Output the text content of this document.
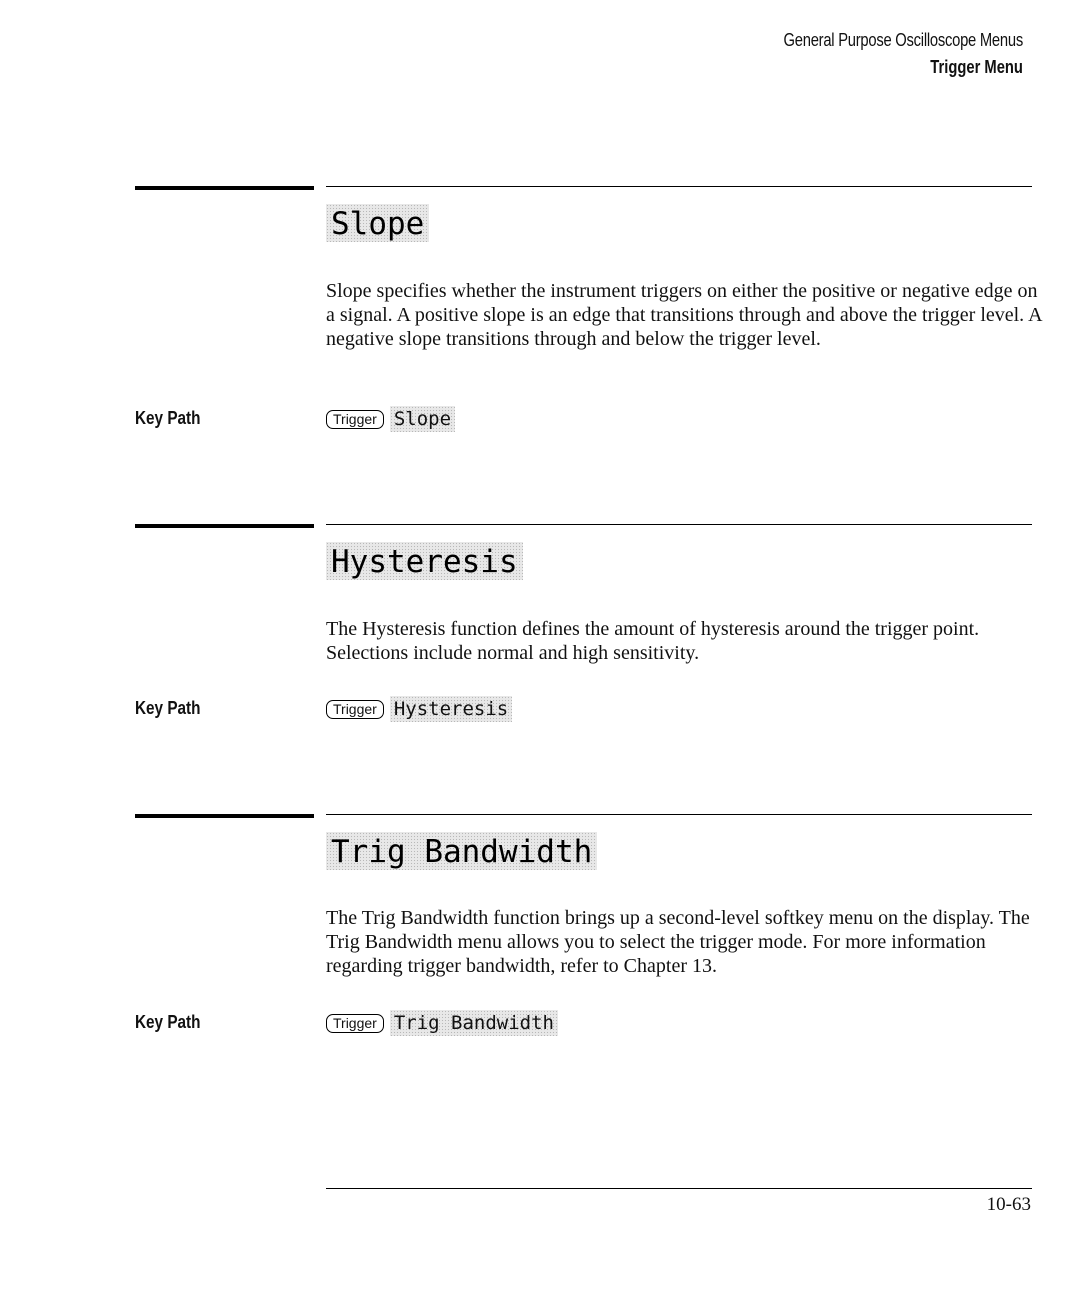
General Purpose Oscilloscope Menus
Trigger Menu
Slope
Slope specifies whether the instrument triggers on either the positive or negative edge on a signal. A positive slope is an edge that transitions through and above the trigger level. A negative slope transitions through and below the trigger level.
Key Path	Trigger Slope
Hysteresis
The Hysteresis function defines the amount of hysteresis around the trigger point. Selections include normal and high sensitivity.
Key Path	Trigger Hysteresis
Trig Bandwidth
The Trig Bandwidth function brings up a second-level softkey menu on the display. The Trig Bandwidth menu allows you to select the trigger mode. For more information regarding trigger bandwidth, refer to Chapter 13.
Key Path	Trigger Trig Bandwidth
10-63
